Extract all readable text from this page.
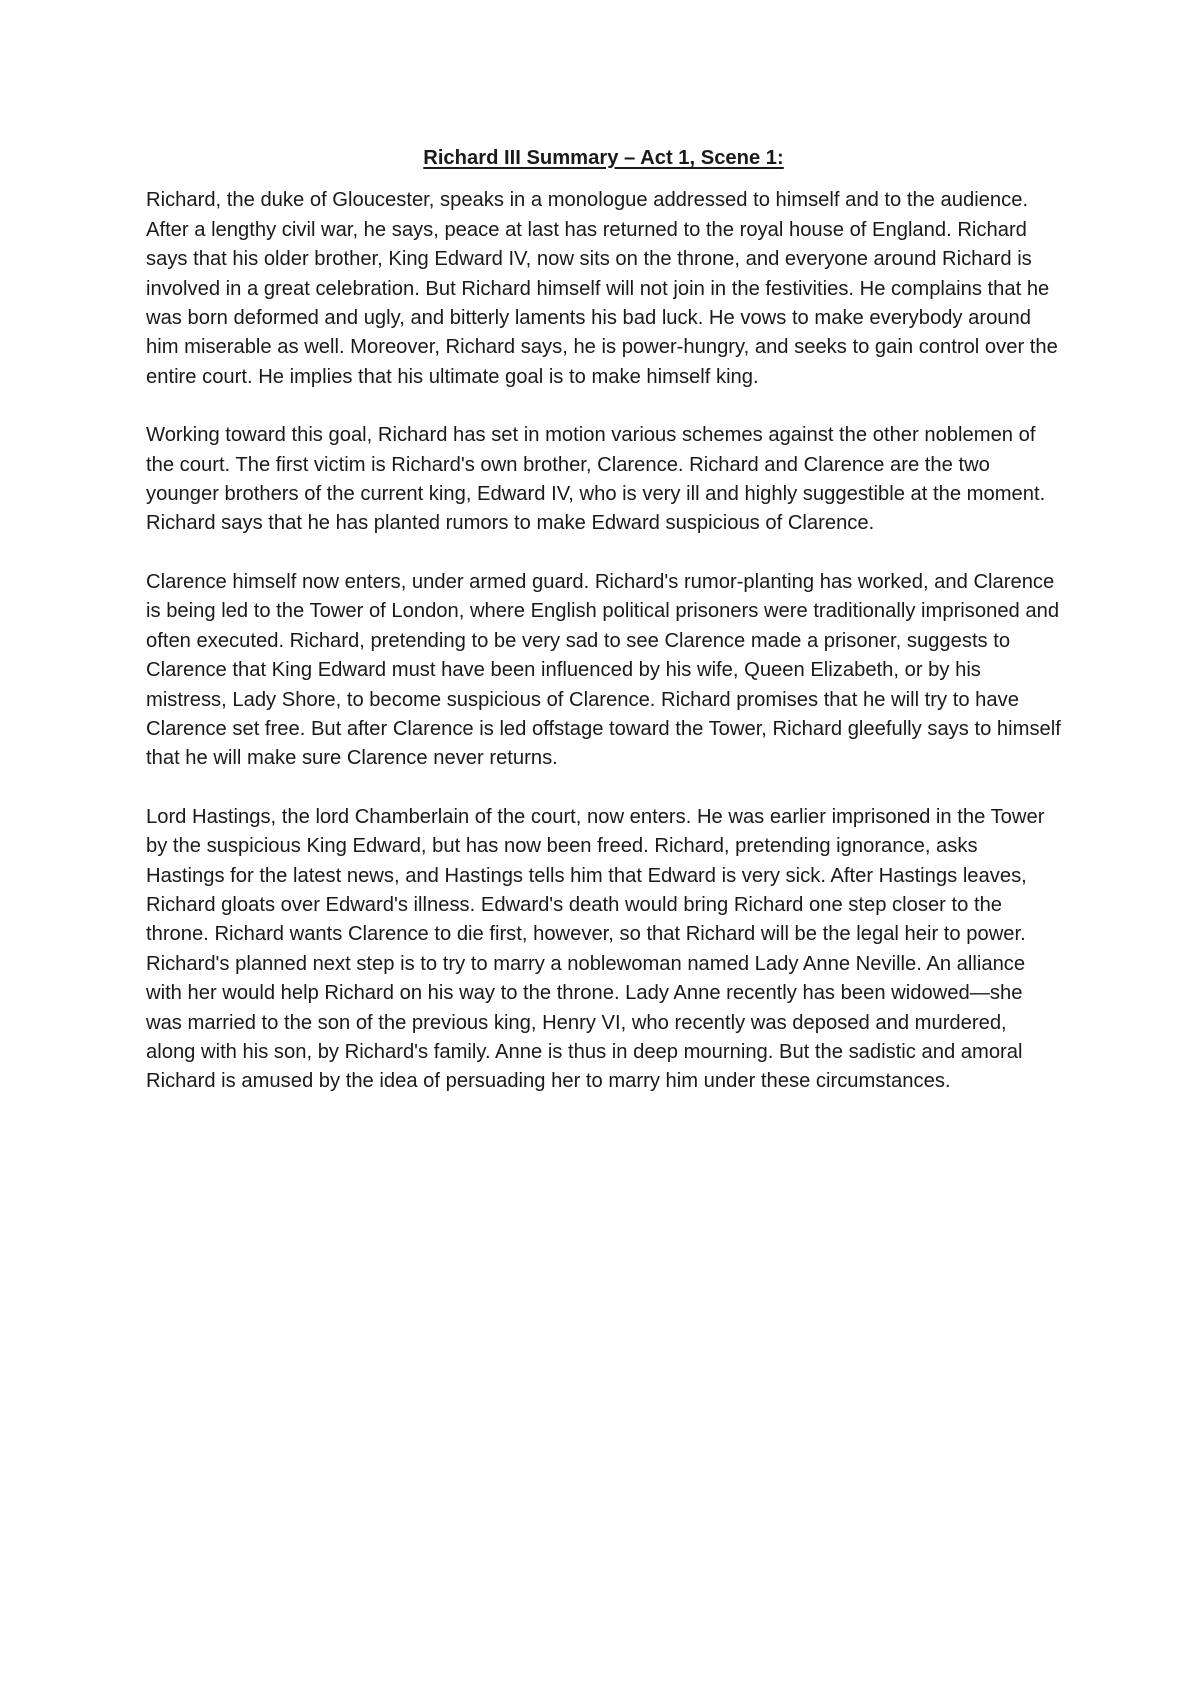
Richard III Summary – Act 1, Scene 1:

Richard, the duke of Gloucester, speaks in a monologue addressed to himself and to the audience. After a lengthy civil war, he says, peace at last has returned to the royal house of England. Richard says that his older brother, King Edward IV, now sits on the throne, and everyone around Richard is involved in a great celebration. But Richard himself will not join in the festivities. He complains that he was born deformed and ugly, and bitterly laments his bad luck. He vows to make everybody around him miserable as well. Moreover, Richard says, he is power-hungry, and seeks to gain control over the entire court. He implies that his ultimate goal is to make himself king.

Working toward this goal, Richard has set in motion various schemes against the other noblemen of the court. The first victim is Richard's own brother, Clarence. Richard and Clarence are the two younger brothers of the current king, Edward IV, who is very ill and highly suggestible at the moment. Richard says that he has planted rumors to make Edward suspicious of Clarence.

Clarence himself now enters, under armed guard. Richard's rumor-planting has worked, and Clarence is being led to the Tower of London, where English political prisoners were traditionally imprisoned and often executed. Richard, pretending to be very sad to see Clarence made a prisoner, suggests to Clarence that King Edward must have been influenced by his wife, Queen Elizabeth, or by his mistress, Lady Shore, to become suspicious of Clarence. Richard promises that he will try to have Clarence set free. But after Clarence is led offstage toward the Tower, Richard gleefully says to himself that he will make sure Clarence never returns.

Lord Hastings, the lord Chamberlain of the court, now enters. He was earlier imprisoned in the Tower by the suspicious King Edward, but has now been freed. Richard, pretending ignorance, asks Hastings for the latest news, and Hastings tells him that Edward is very sick. After Hastings leaves, Richard gloats over Edward's illness. Edward's death would bring Richard one step closer to the throne. Richard wants Clarence to die first, however, so that Richard will be the legal heir to power. Richard's planned next step is to try to marry a noblewoman named Lady Anne Neville. An alliance with her would help Richard on his way to the throne. Lady Anne recently has been widowed—she was married to the son of the previous king, Henry VI, who recently was deposed and murdered, along with his son, by Richard's family. Anne is thus in deep mourning. But the sadistic and amoral Richard is amused by the idea of persuading her to marry him under these circumstances.
